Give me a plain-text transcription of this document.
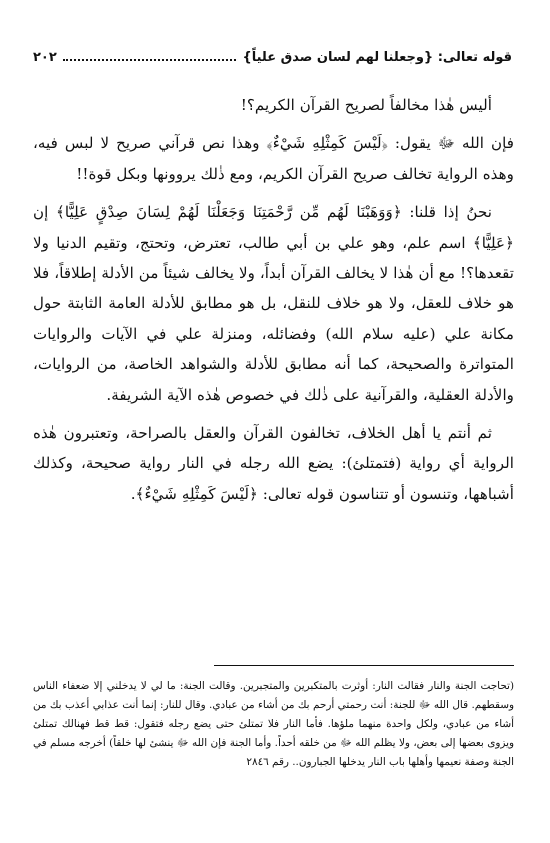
قوله تعالى: {وجعلنا لهم لسان صدق علياً}
٢٠٢

أليس هٰذا مخالفاً لصريح القرآن الكريم؟!

فإن الله ﷻ يقول: ﴿لَيْسَ كَمِثْلِهِ شَيْءٌ﴾ وهذا نص قرآني صريح لا لبس فيه، وهذه الرواية تخالف صريح القرآن الكريم، ومع ذٰلك يروونها وبكل قوة!!

نحنُ إذا قلنا: ﴿وَوَهَبْنَا لَهُم مِّن رَّحْمَتِنَا وَجَعَلْنَا لَهُمْ لِسَانَ صِدْقٍ عَلِيًّا﴾ إن ﴿عَلِيًّا﴾ اسم علم، وهو علي بن أبي طالب، تعترض، وتحتج، وتقيم الدنيا ولا تقعدها؟! مع أن هٰذا لا يخالف القرآن أبداً، ولا يخالف شيئاً من الأدلة إطلاقاً، فلا هو خلاف للعقل، ولا هو خلاف للنقل، بل هو مطابق للأدلة العامة الثابتة حول مكانة علي (عليه سلام الله) وفضائله، ومنزلة علي في الآيات والروايات المتواترة والصحيحة، كما أنه مطابق للأدلة والشواهد الخاصة، من الروايات، والأدلة العقلية، والقرآنية على ذٰلك في خصوص هٰذه الآية الشريفة.

ثم أنتم يا أهل الخلاف، تخالفون القرآن والعقل بالصراحة، وتعتبرون هٰذه الرواية أي رواية (فتمتلئ): يضع الله رجله في النار رواية صحيحة، وكذلك أشباهها، وتنسون أو تتناسون قوله تعالى: ﴿لَيْسَ كَمِثْلِهِ شَيْءٌ﴾.

(تحاجت الجنة والنار فقالت النار: أوثرت بالمتكبرين والمتجبرين. وقالت الجنة: ما لي لا يدخلني إلا ضعفاء الناس وسقطهم. قال الله ﷻ للجنة: أنت رحمتي أرحم بك من أشاء من عبادي. وقال للنار: إنما أنت عذابي أعذب بك من أشاء من عبادي، ولكل واحدة منهما ملؤها. فأما النار فلا تمتلئ حتى يضع رجله فتقول: قط قط فهنالك تمتلئ ويزوى بعضها إلى بعض، ولا يظلم الله ﷻ من خلقه أحداً. وأما الجنة فإن الله ﷻ ينشئ لها خلقاً) أخرجه مسلم في الجنة وصفة نعيمها وأهلها باب النار يدخلها الجبارون.. رقم ٢٨٤٦
